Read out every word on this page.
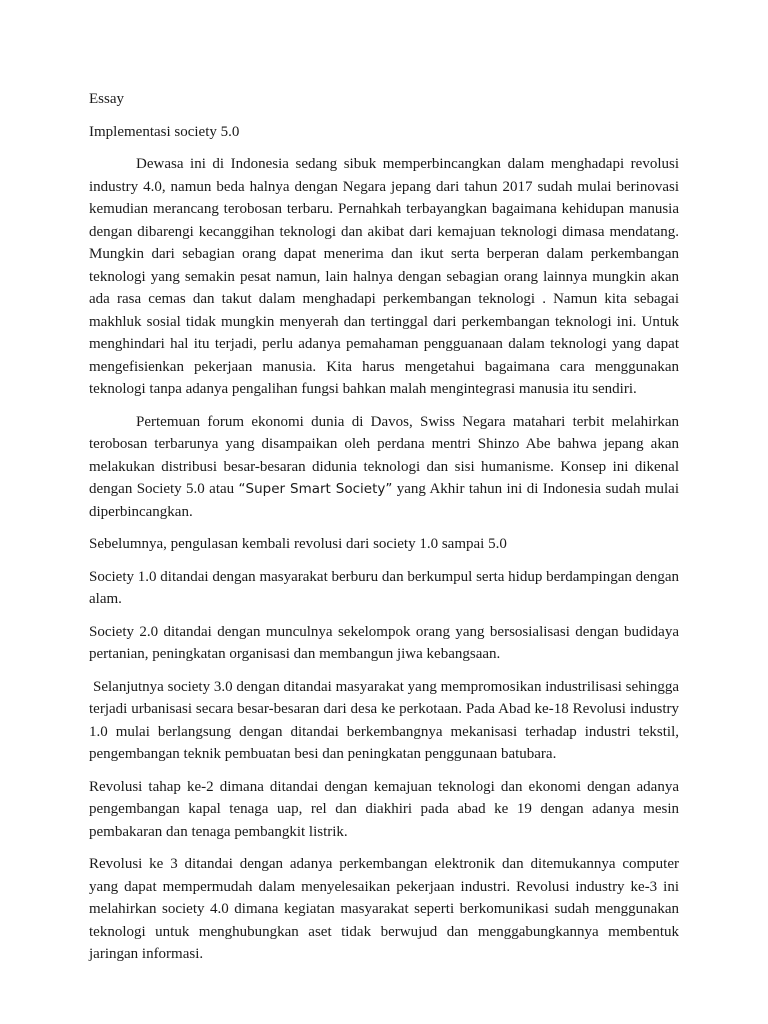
Essay
Implementasi society 5.0

Dewasa ini di Indonesia sedang sibuk memperbincangkan dalam menghadapi revolusi industry 4.0, namun beda halnya dengan Negara jepang dari tahun 2017 sudah mulai berinovasi kemudian merancang terobosan terbaru. Pernahkah terbayangkan bagaimana kehidupan manusia dengan dibarengi kecanggihan teknologi dan akibat dari kemajuan teknologi dimasa mendatang. Mungkin dari sebagian orang dapat menerima dan ikut serta berperan dalam perkembangan teknologi yang semakin pesat namun, lain halnya dengan sebagian orang lainnya mungkin akan ada rasa cemas dan takut dalam menghadapi perkembangan teknologi . Namun kita sebagai makhluk sosial tidak mungkin menyerah dan tertinggal dari perkembangan teknologi ini. Untuk menghindari hal itu terjadi, perlu adanya pemahaman pengguanaan dalam teknologi yang dapat mengefisienkan pekerjaan manusia. Kita harus mengetahui bagaimana cara menggunakan teknologi tanpa adanya pengalihan fungsi bahkan malah mengintegrasi manusia itu sendiri.

Pertemuan forum ekonomi dunia di Davos, Swiss Negara matahari terbit melahirkan terobosan terbarunya yang disampaikan oleh perdana mentri Shinzo Abe bahwa jepang akan melakukan distribusi besar-besaran didunia teknologi dan sisi humanisme. Konsep ini dikenal dengan Society 5.0 atau “Super Smart Society” yang Akhir tahun ini di Indonesia sudah mulai diperbincangkan.

Sebelumnya, pengulasan kembali revolusi dari society 1.0 sampai 5.0

Society 1.0 ditandai dengan masyarakat berburu dan berkumpul serta hidup berdampingan dengan alam.

Society 2.0 ditandai dengan munculnya sekelompok orang yang bersosialisasi dengan budidaya pertanian, peningkatan organisasi dan membangun jiwa kebangsaan.

Selanjutnya society 3.0 dengan ditandai masyarakat yang mempromosikan industrilisasi sehingga terjadi urbanisasi secara besar-besaran dari desa ke perkotaan. Pada Abad ke-18 Revolusi industry 1.0 mulai berlangsung dengan ditandai berkembangnya mekanisasi terhadap industri tekstil, pengembangan teknik pembuatan besi dan peningkatan penggunaan batubara.

Revolusi tahap ke-2 dimana ditandai dengan kemajuan teknologi dan ekonomi dengan adanya pengembangan kapal tenaga uap, rel dan diakhiri pada abad ke 19 dengan adanya mesin pembakaran dan tenaga pembangkit listrik.

Revolusi ke 3 ditandai dengan adanya perkembangan elektronik dan ditemukannya computer yang dapat mempermudah dalam menyelesaikan pekerjaan industri. Revolusi industry ke-3 ini melahirkan society 4.0 dimana kegiatan masyarakat seperti berkomunikasi sudah menggunakan teknologi untuk menghubungkan aset tidak berwujud dan menggabungkannya membentuk jaringan informasi.
